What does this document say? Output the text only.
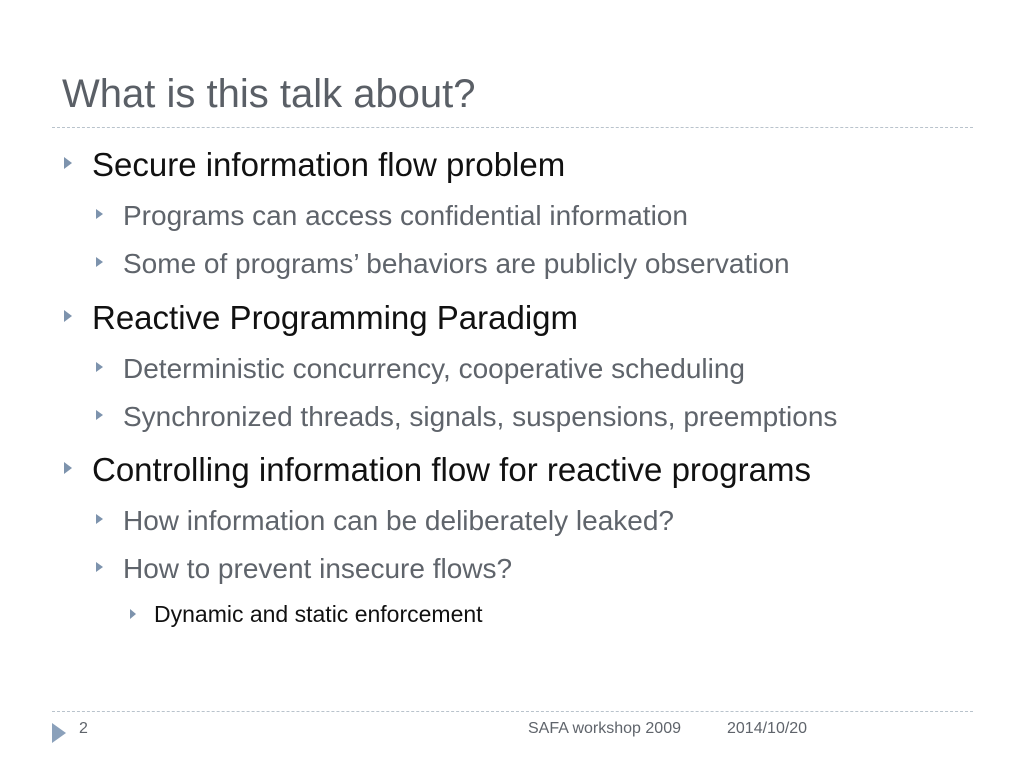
What is this talk about?
Secure information flow problem
Programs can access confidential information
Some of programs’ behaviors are publicly observation
Reactive Programming Paradigm
Deterministic concurrency, cooperative scheduling
Synchronized threads, signals, suspensions, preemptions
Controlling information flow for reactive programs
How information can be deliberately leaked?
How to prevent insecure flows?
Dynamic and static enforcement
2	SAFA workshop 2009	2014/10/20
